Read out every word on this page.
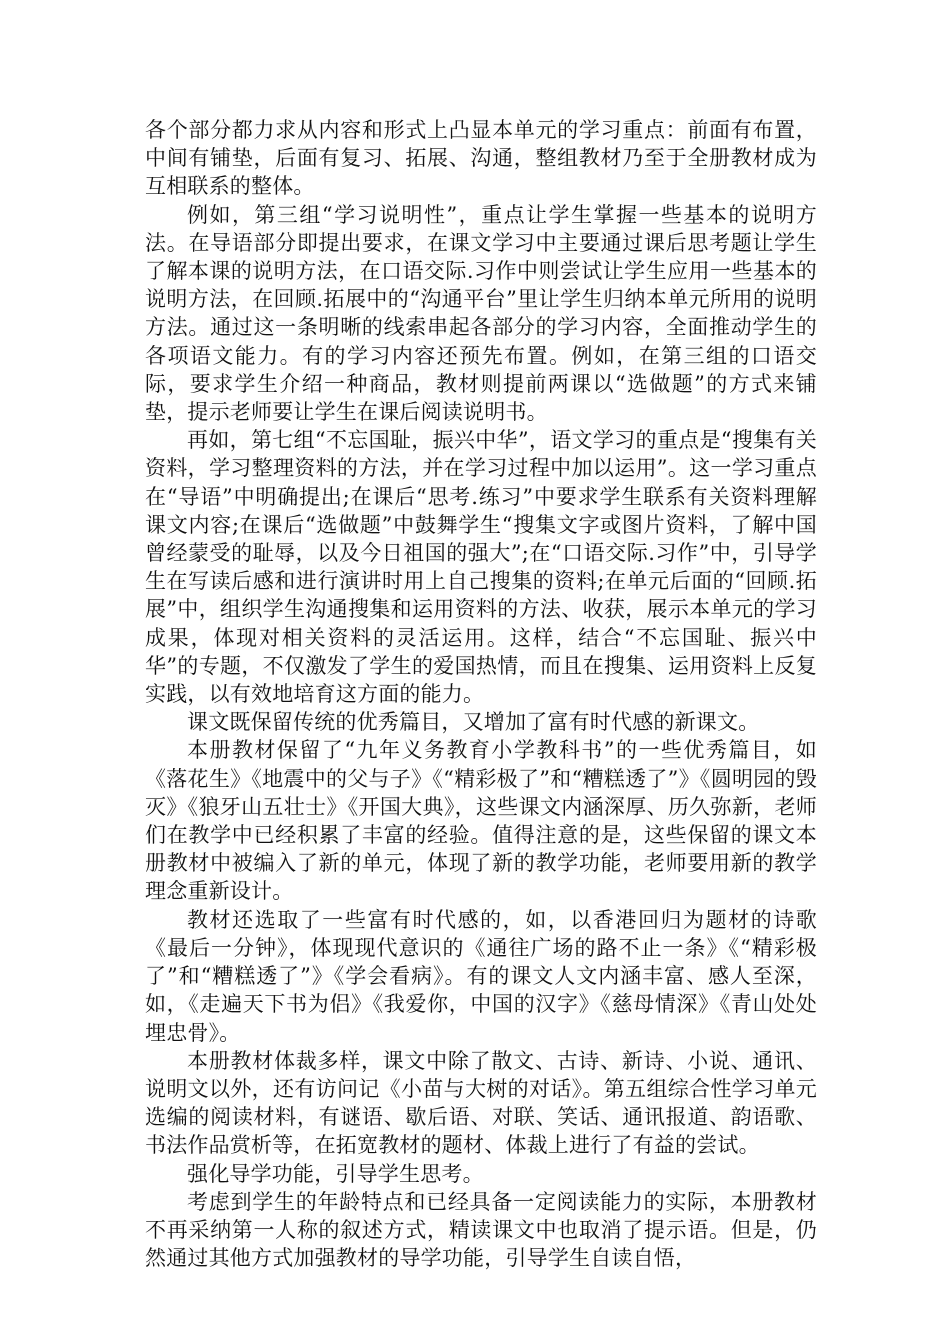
各个部分都力求从内容和形式上凸显本单元的学习重点：前面有布置，中间有铺垫，后面有复习、拓展、沟通，整组教材乃至于全册教材成为互相联系的整体。

例如，第三组“学习说明性”，重点让学生掌握一些基本的说明方法。在导语部分即提出要求，在课文学习中主要通过课后思考题让学生了解本课的说明方法，在口语交际.习作中则尝试让学生应用一些基本的说明方法，在回顾.拓展中的“沟通平台”里让学生归纳本单元所用的说明方法。通过这一条明晰的线索串起各部分的学习内容，全面推动学生的各项语文能力。有的学习内容还预先布置。例如，在第三组的口语交际，要求学生介绍一种商品，教材则提前两课以“选做题”的方式来铺垫，提示老师要让学生在课后阅读说明书。

再如，第七组“不忘国耻，振兴中华”，语文学习的重点是“搜集有关资料，学习整理资料的方法，并在学习过程中加以运用”。这一学习重点在“导语”中明确提出;在课后“思考.练习”中要求学生联系有关资料理解课文内容;在课后“选做题”中鼓舞学生“搜集文字或图片资料，了解中国曾经蒙受的耻辱，以及今日祖国的强大”;在“口语交际.习作”中，引导学生在写读后感和进行演讲时用上自己搜集的资料;在单元后面的“回顾.拓展”中，组织学生沟通搜集和运用资料的方法、收获，展示本单元的学习成果，体现对相关资料的灵活运用。这样，结合“不忘国耻、振兴中华”的专题，不仅激发了学生的爱国热情，而且在搜集、运用资料上反复实践，以有效地培育这方面的能力。

课文既保留传统的优秀篇目，又增加了富有时代感的新课文。

本册教材保留了“九年义务教育小学教科书”的一些优秀篇目，如《落花生》《地震中的父与子》《“精彩极了”和“糟糕透了”》《圆明园的毁灭》《狼牙山五壮士》《开国大典》，这些课文内涵深厚、历久弥新，老师们在教学中已经积累了丰富的经验。值得注意的是，这些保留的课文本册教材中被编入了新的单元，体现了新的教学功能，老师要用新的教学理念重新设计。

教材还选取了一些富有时代感的，如，以香港回归为题材的诗歌《最后一分钟》，体现现代意识的《通往广场的路不止一条》《“精彩极了”和“糟糕透了”》《学会看病》。有的课文人文内涵丰富、感人至深，如，《走遍天下书为侣》《我爱你，中国的汉字》《慈母情深》《青山处处埋忠骨》。

本册教材体裁多样，课文中除了散文、古诗、新诗、小说、通讯、说明文以外，还有访问记《小苗与大树的对话》。第五组综合性学习单元选编的阅读材料，有谜语、歇后语、对联、笑话、通讯报道、韵语歌、书法作品赏析等，在拓宽教材的题材、体裁上进行了有益的尝试。

强化导学功能，引导学生思考。

考虑到学生的年龄特点和已经具备一定阅读能力的实际，本册教材不再采纳第一人称的叙述方式，精读课文中也取消了提示语。但是，仍然通过其他方式加强教材的导学功能，引导学生自读自悟，
